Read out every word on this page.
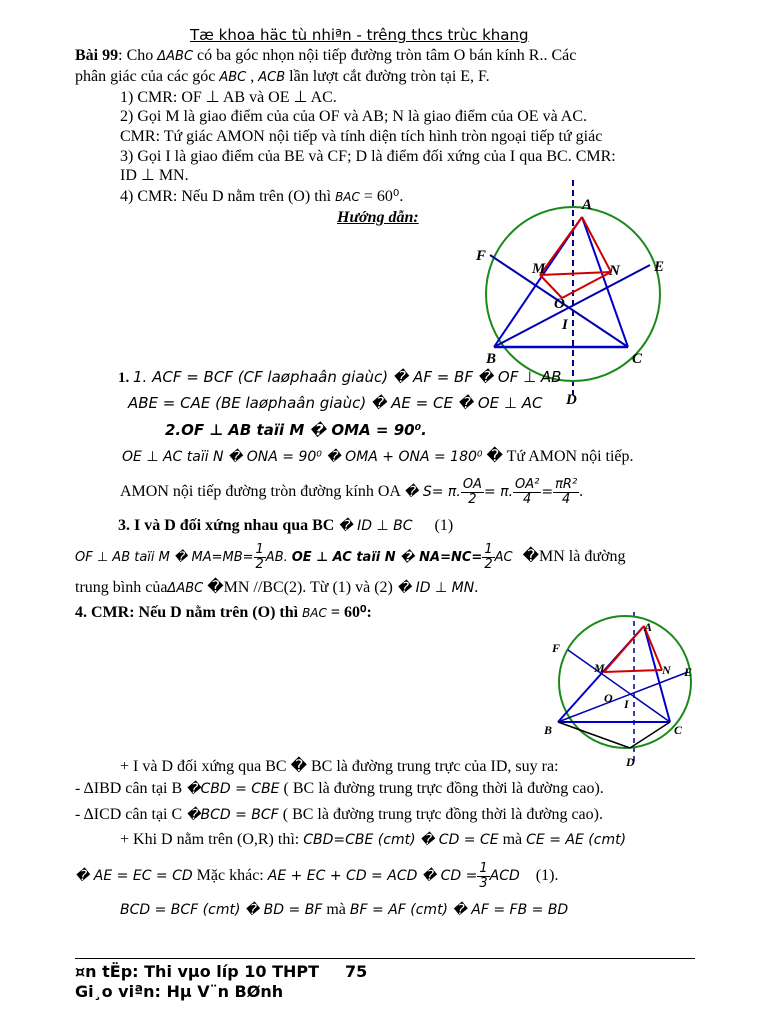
Tæ khoa häc tù nhiªn - trêng thcs trùc khang
Bài 99: Cho ΔABC có ba góc nhọn nội tiếp đường tròn tâm O bán kính R.. Các
phân giác của các góc ABC , ACB lần lượt cắt đường tròn tại E, F.
1) CMR: OF ⊥ AB và OE ⊥ AC.
2) Gọi M là giao điểm của của OF và AB; N là giao điểm của OE và AC.
CMR: Tứ giác AMON nội tiếp và tính diện tích hình tròn ngoại tiếp tứ giác
3) Gọi I là giao điểm của BE và CF; D là điểm đối xứng của I qua BC. CMR:
ID ⊥ MN.
4) CMR: Nếu D nằm trên (O) thì BAC = 60⁰.
Hướng dẫn:
A
F
E
M	N
O
I
B	C
D
1. 1. ACF = BCF (CF laøphaân giaùc) � AF = BF � OF ⊥ AB
ABE = CAE (BE laøphaân giaùc) � AE = CE � OE ⊥ AC
2.OF ⊥ AB taïi M � OMA = 90⁰.
OE ⊥ AC taïi N � ONA = 90⁰ � OMA + ONA = 180⁰ � Tứ AMON nội tiếp.
AMON nội tiếp đường tròn đường kính OA � S= π. $\frac{OA}{2} = \pi$. $\frac{\text{OA²}}{4} = \frac{\text{πR²}}{4}$ .
3. I và D đối xứng nhau qua BC � ID ⊥ BC (1)
OF ⊥ AB taïi M � $MA=MB= \frac{1}{2}$ AB. OE ⊥ AC taïi N � $NA=NC= \frac{1}{2}$ AC �MN là đường
trung bình củaΔABC �MN //BC(2). Từ (1) và (2) � ID ⊥ MN.
4. CMR: Nếu D nằm trên (O) thì BAC = 60⁰:
A
F
M	N E
O I
B	C
D
+ I và D đối xứng qua BC � BC là đường trung trực của ID, suy ra:
- ΔIBD cân tại B �CBD = CBE ( BC là đường trung trực đồng thời là đường cao).
- ΔICD cân tại C �BCD = BCF ( BC là đường trung trực đồng thời là đường cao).
+ Khi D nằm trên (O,R) thì: CBD=CBE (cmt) � CD = CE mà CE = AE (cmt)
� AE = EC = CD Mặc khác: AE + EC + CD = ACD � CD = $\frac{1}{3}$ ACD (1).
BCD = BCF (cmt) � BD = BF mà BF = AF (cmt) � AF = FB = BD
¤n tËp: Thi vµo líp 10 THPT 75
Gi¸o viªn: Hµ V¨n BØnh
